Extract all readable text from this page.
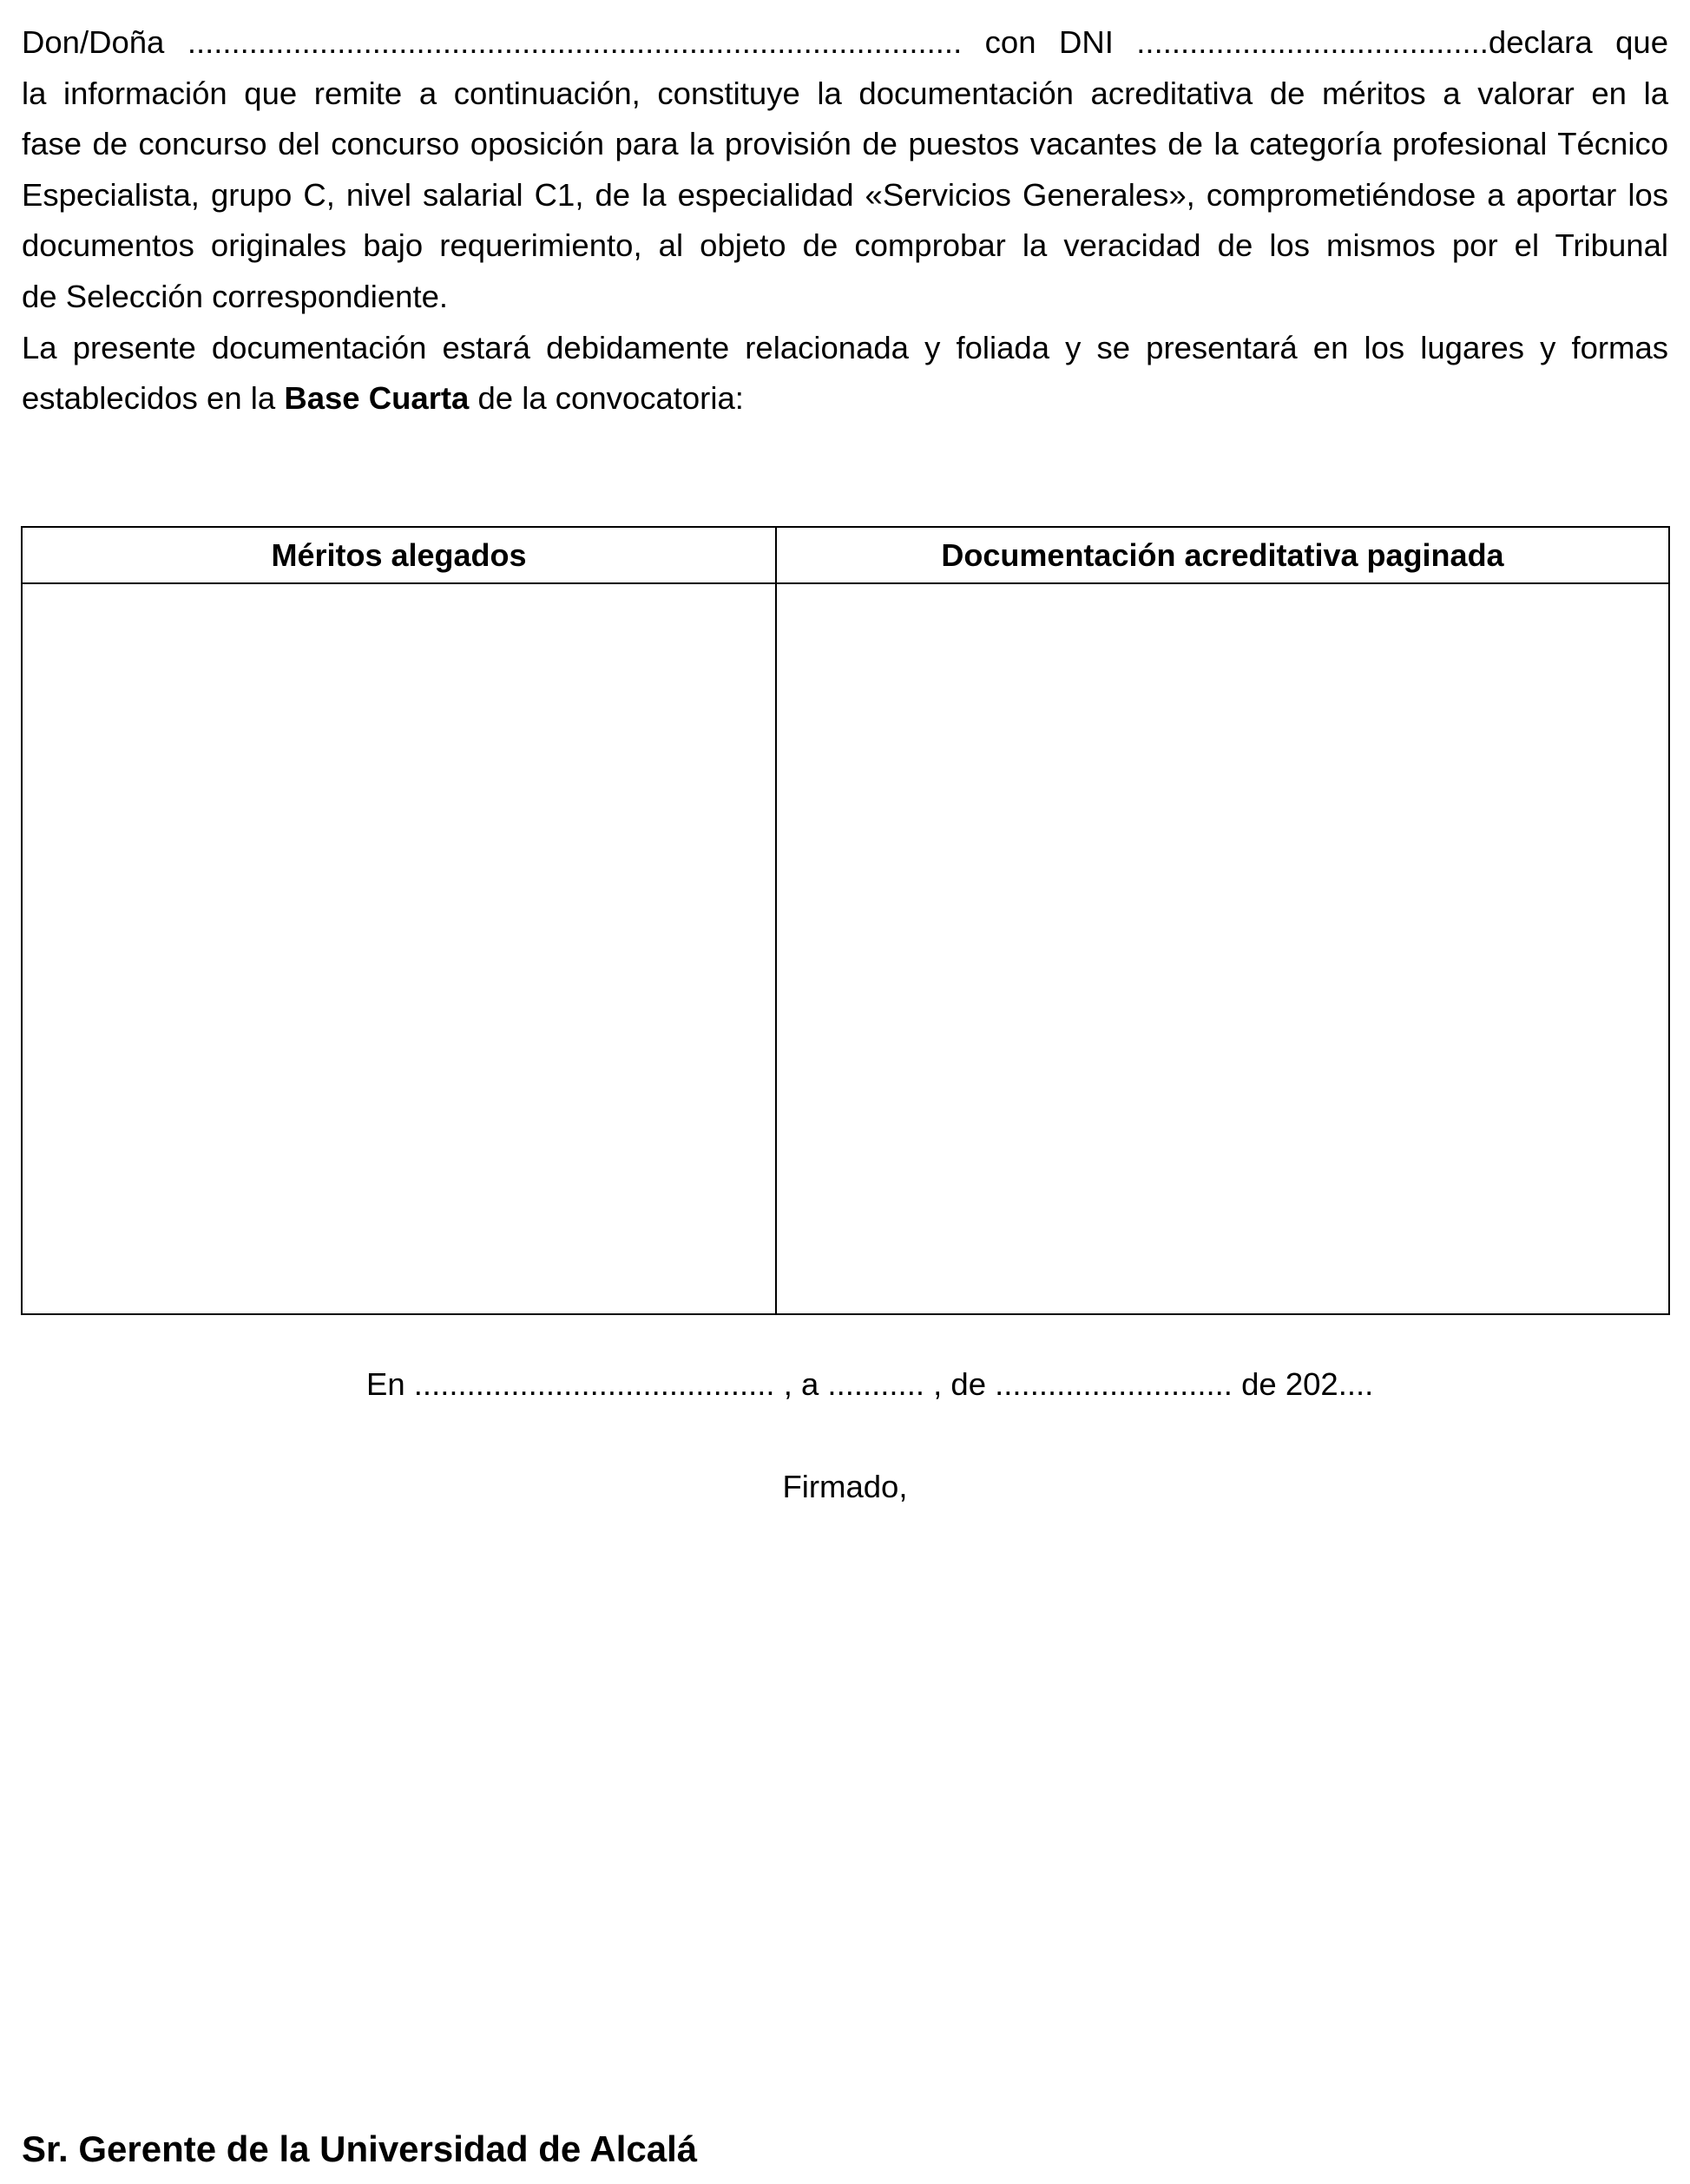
Don/Doña ........................................................................................ con DNI ........................................declara que
la información que remite a continuación, constituye la documentación acreditativa de méritos a valorar en la
fase de concurso del concurso oposición para la provisión de puestos vacantes de la categoría profesional Técnico
Especialista, grupo C, nivel salarial C1, de la especialidad «Servicios Generales», comprometiéndose a aportar los
documentos originales bajo requerimiento, al objeto de comprobar la veracidad de los mismos por el Tribunal
de Selección correspondiente.
La presente documentación estará debidamente relacionada y foliada y se presentará en los lugares y formas
establecidos en la Base Cuarta de la convocatoria:
Méritos alegados	Documentación acreditativa paginada

En ......................................... , a ........... , de ........................... de 202....
Firmado,
Sr. Gerente de la Universidad de Alcalá
